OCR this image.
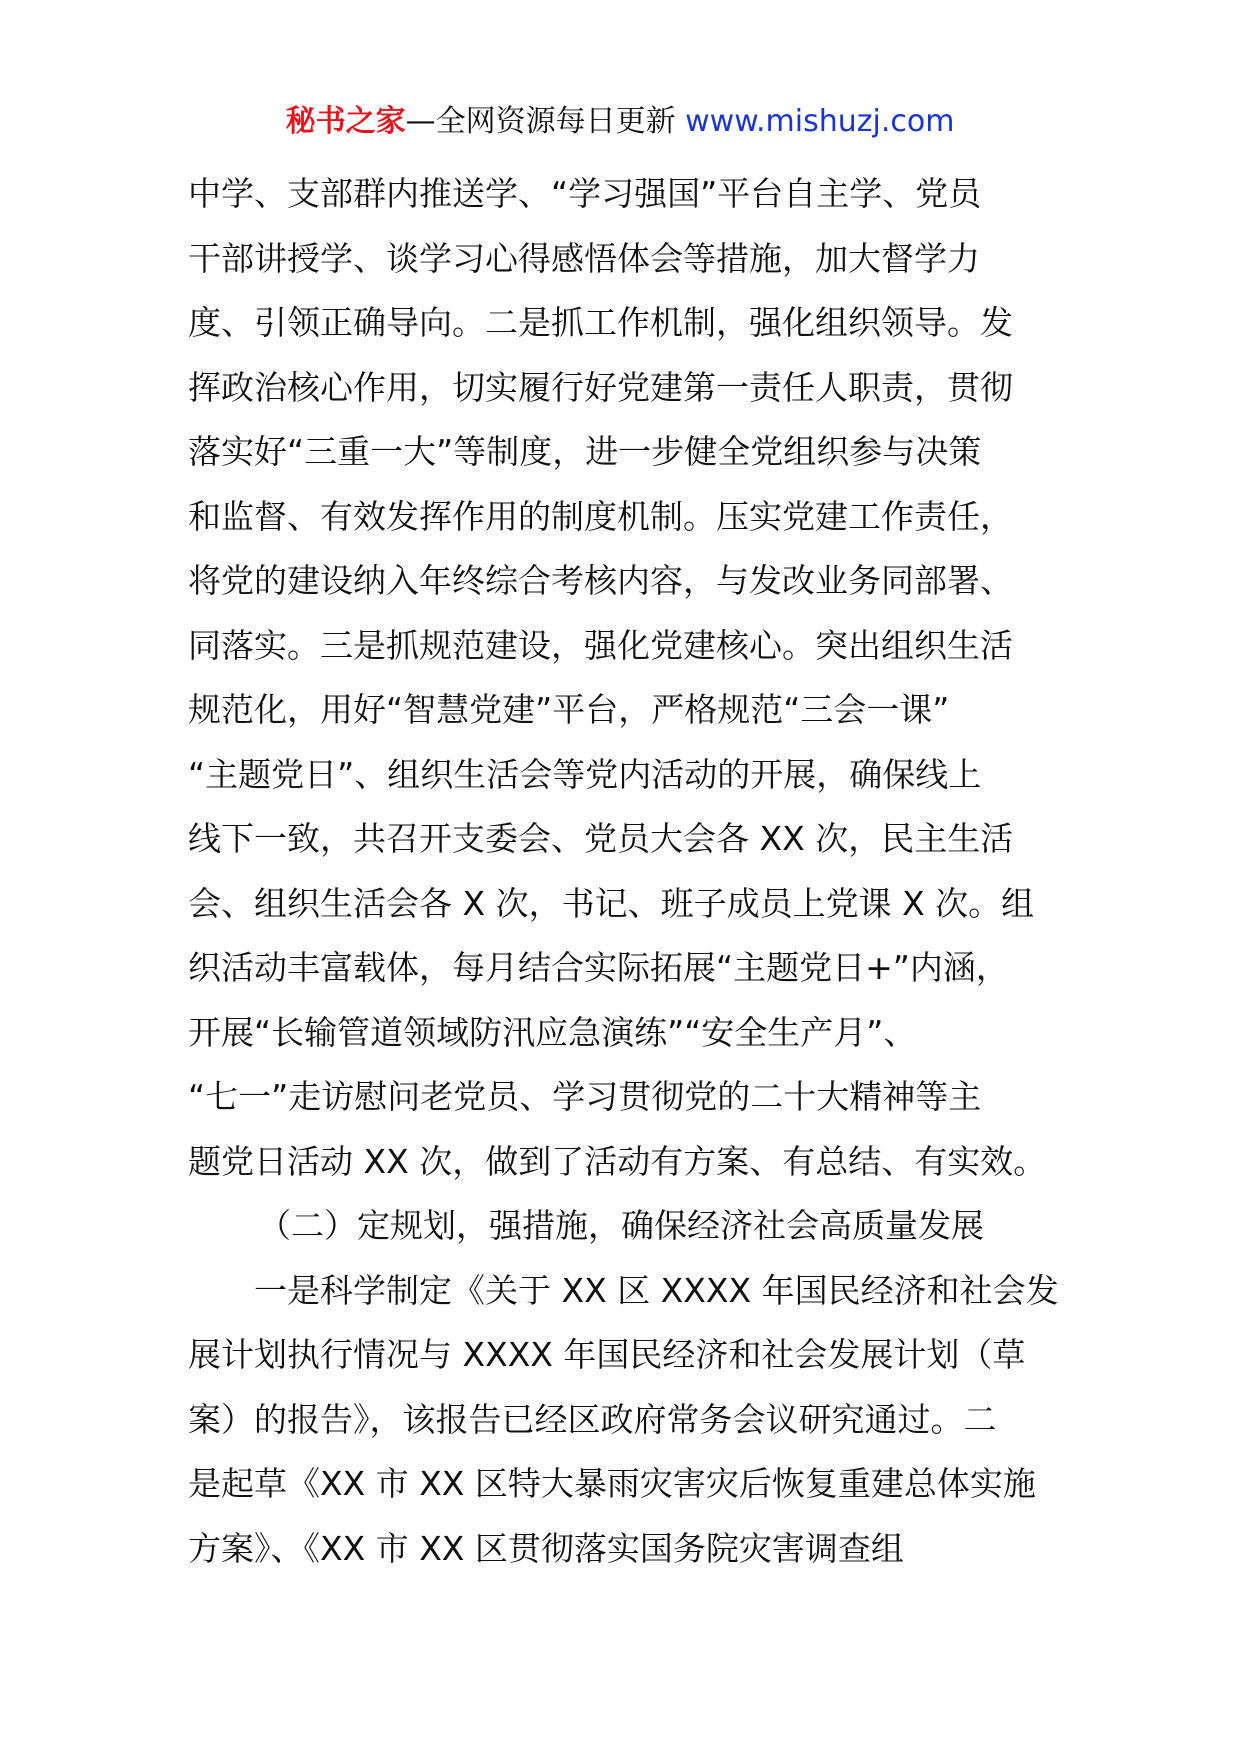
秘书之家—全网资源每日更新 www.mishuzj.com

中学、支部群内推送学、“学习强国”平台自主学、党员
干部讲授学、谈学习心得感悟体会等措施，加大督学力
度、引领正确导向。二是抓工作机制，强化组织领导。发
挥政治核心作用，切实履行好党建第一责任人职责，贯彻
落实好“三重一大”等制度，进一步健全党组织参与决策
和监督、有效发挥作用的制度机制。压实党建工作责任，
将党的建设纳入年终综合考核内容，与发改业务同部署、
同落实。三是抓规范建设，强化党建核心。突出组织生活
规范化，用好“智慧党建”平台，严格规范“三会一课”
“主题党日”、组织生活会等党内活动的开展，确保线上
线下一致，共召开支委会、党员大会各 XX 次，民主生活
会、组织生活会各 X 次，书记、班子成员上党课 X 次。组
织活动丰富载体，每月结合实际拓展“主题党日+”内涵，
开展“长输管道领域防汛应急演练”“安全生产月”、
“七一”走访慰问老党员、学习贯彻党的二十大精神等主
题党日活动 XX 次，做到了活动有方案、有总结、有实效。

（二）定规划，强措施，确保经济社会高质量发展

一是科学制定《关于 XX 区 XXXX 年国民经济和社会发
展计划执行情况与 XXXX 年国民经济和社会发展计划（草
案）的报告》，该报告已经区政府常务会议研究通过。二
是起草《XX 市 XX 区特大暴雨灾害灾后恢复重建总体实施
方案》、《XX 市 XX 区贯彻落实国务院灾害调查组
